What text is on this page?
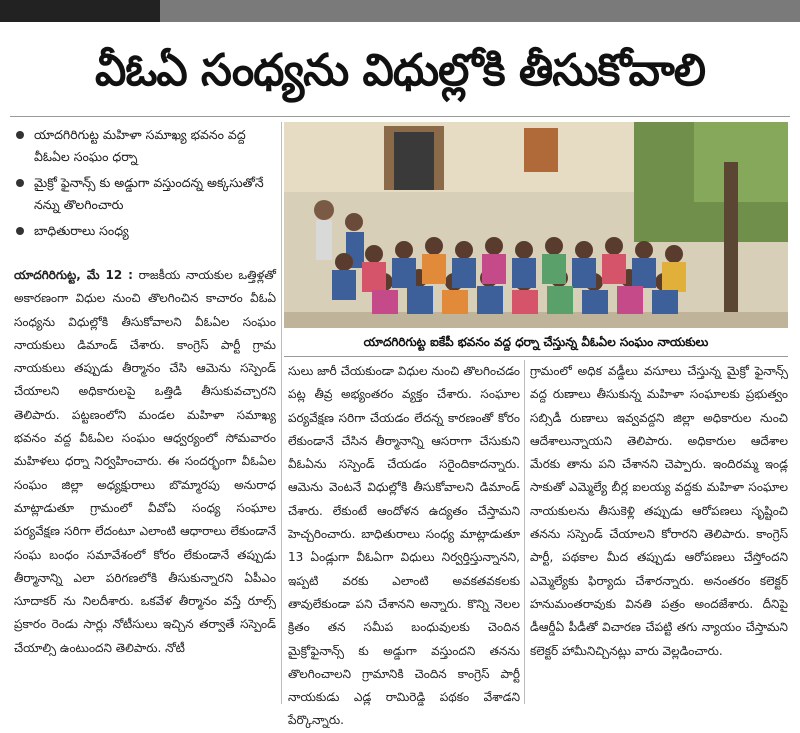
వీఓఏ సంధ్యను విధుల్లోకి తీసుకోవాలి
యాదగిరిగుట్ట మహిళా సమాఖ్య భవనం వద్ద వీఓఏల సంఘం ధర్నా
మైక్రో ఫైనాన్స్ కు అడ్డుగా వస్తుందన్న అక్కసుతోనే నన్ను తొలగించారు
బాధితురాలు సంధ్య
యాదగిరిగుట్ట ఐకేపీ భవనం వద్ద ధర్నా చేస్తున్న వీఓఏల సంఘం నాయకులు
యాదగిరిగుట్ట, మే 12 : రాజకీయ నాయకుల ఒత్తిళ్లతో అకారణంగా విధుల నుంచి తొలగించిన కాచారం వీఓఏ సంధ్యను విధుల్లోకి తీసుకోవాలని వీఓఏల సంఘం నాయకులు డిమాండ్ చేశారు. కాంగ్రెస్ పార్టీ గ్రామ నాయకులు తప్పుడు తీర్మానం చేసి ఆమెను సస్పెండ్ చేయాలని అధికారులపై ఒత్తిడి తీసుకువచ్చారని తెలిపారు. పట్టణంలోని మండల మహిళా సమాఖ్య భవనం వద్ద వీఓఏల సంఘం ఆధ్వర్యంలో సోమవారం మహిళలు ధర్నా నిర్వహించారు. ఈ సందర్భంగా వీఓఏల సంఘం జిల్లా అధ్యక్షురాలు బొమ్మారపు అనురాధ మాట్లాడుతూ గ్రామంలో వీవోఏ సంధ్య సంఘాల పర్యవేక్షణ సరిగా లేదంటూ ఎలాంటి ఆధారాలు లేకుండానే సంఘ బంధం సమావేశంలో కోరం లేకుండానే తప్పుడు తీర్మానాన్ని ఎలా పరిగణలోకి తీసుకున్నారని ఏపీఎం సూదాకర్ ను నిలదీశారు. ఒకవేళ తీర్మానం వస్తే రూల్స్ ప్రకారం రెండు సార్లు నోటీసులు ఇచ్చిన తర్వాతే సస్పెండ్ చేయాల్సి ఉంటుందని తెలిపారు. నోటీ
సులు జారీ చేయకుండా విధుల నుంచి తొలగించడం పట్ల తీవ్ర అభ్యంతరం వ్యక్తం చేశారు. సంఘాల పర్యవేక్షణ సరిగా చేయడం లేదన్న కారణంతో కోరం లేకుండానే చేసిన తీర్మానాన్ని ఆసరాగా చేసుకుని వీఓఏను సస్పెండ్ చేయడం సరైందికాదన్నారు. ఆమెను వెంటనే విధుల్లోకి తీసుకోవాలని డిమాండ్ చేశారు. లేకుంటే ఆందోళన ఉద్యతం చేస్తామని హెచ్చరించారు. బాధితురాలు సంధ్య మాట్లాడుతూ 13 ఏండ్లుగా వీఓఏగా విధులు నిర్వర్తిస్తున్నానని, ఇప్పటి వరకు ఎలాంటి అవకతవకలకు తావులేకుండా పని చేశానని అన్నారు. కొన్ని నెలల క్రితం తన సమీప బంధువులకు చెందిన మైక్రోఫైనాన్స్ కు అడ్డుగా వస్తుందని తనను తొలగించాలని గ్రామానికి చెందిన కాంగ్రెస్ పార్టీ నాయకుడు ఎడ్ల రామిరెడ్డి పథకం వేశాడని పేర్కొన్నారు.
గ్రామంలో అధిక వడ్డీలు వసూలు చేస్తున్న మైక్రో ఫైనాన్స్ వద్ద రుణాలు తీసుకున్న మహిళా సంఘాలకు ప్రభుత్వం సబ్సిడీ రుణాలు ఇవ్వవద్దని జిల్లా అధికారుల నుంచి ఆదేశాలున్నాయని తెలిపారు. అధికారుల ఆదేశాల మేరకు తాను పని చేశానని చెప్పారు. ఇందిరమ్మ ఇండ్ల సాకుతో ఎమ్మెల్యే బీర్ల ఐలయ్య వద్దకు మహిళా సంఘాల నాయకులను తీసుకెళ్లి తప్పుడు ఆరోపణలు సృష్టించి తనను సస్పెండ్ చేయాలని కోరారని తెలిపారు. కాంగ్రెస్ పార్టీ, పథకాల మీద తప్పుడు ఆరోపణలు చేస్తోందని ఎమ్మెల్యేకు ఫిర్యాదు చేశారన్నారు. అనంతరం కలెక్టర్ హనుమంతరావుకు వినతి పత్రం అందజేశారు. దీనిపై డీఆర్డీఏ పీడీతో విచారణ చేపట్టి తగు న్యాయం చేస్తామని కలెక్టర్ హామీనిచ్చినట్లు వారు వెల్లడించారు.
